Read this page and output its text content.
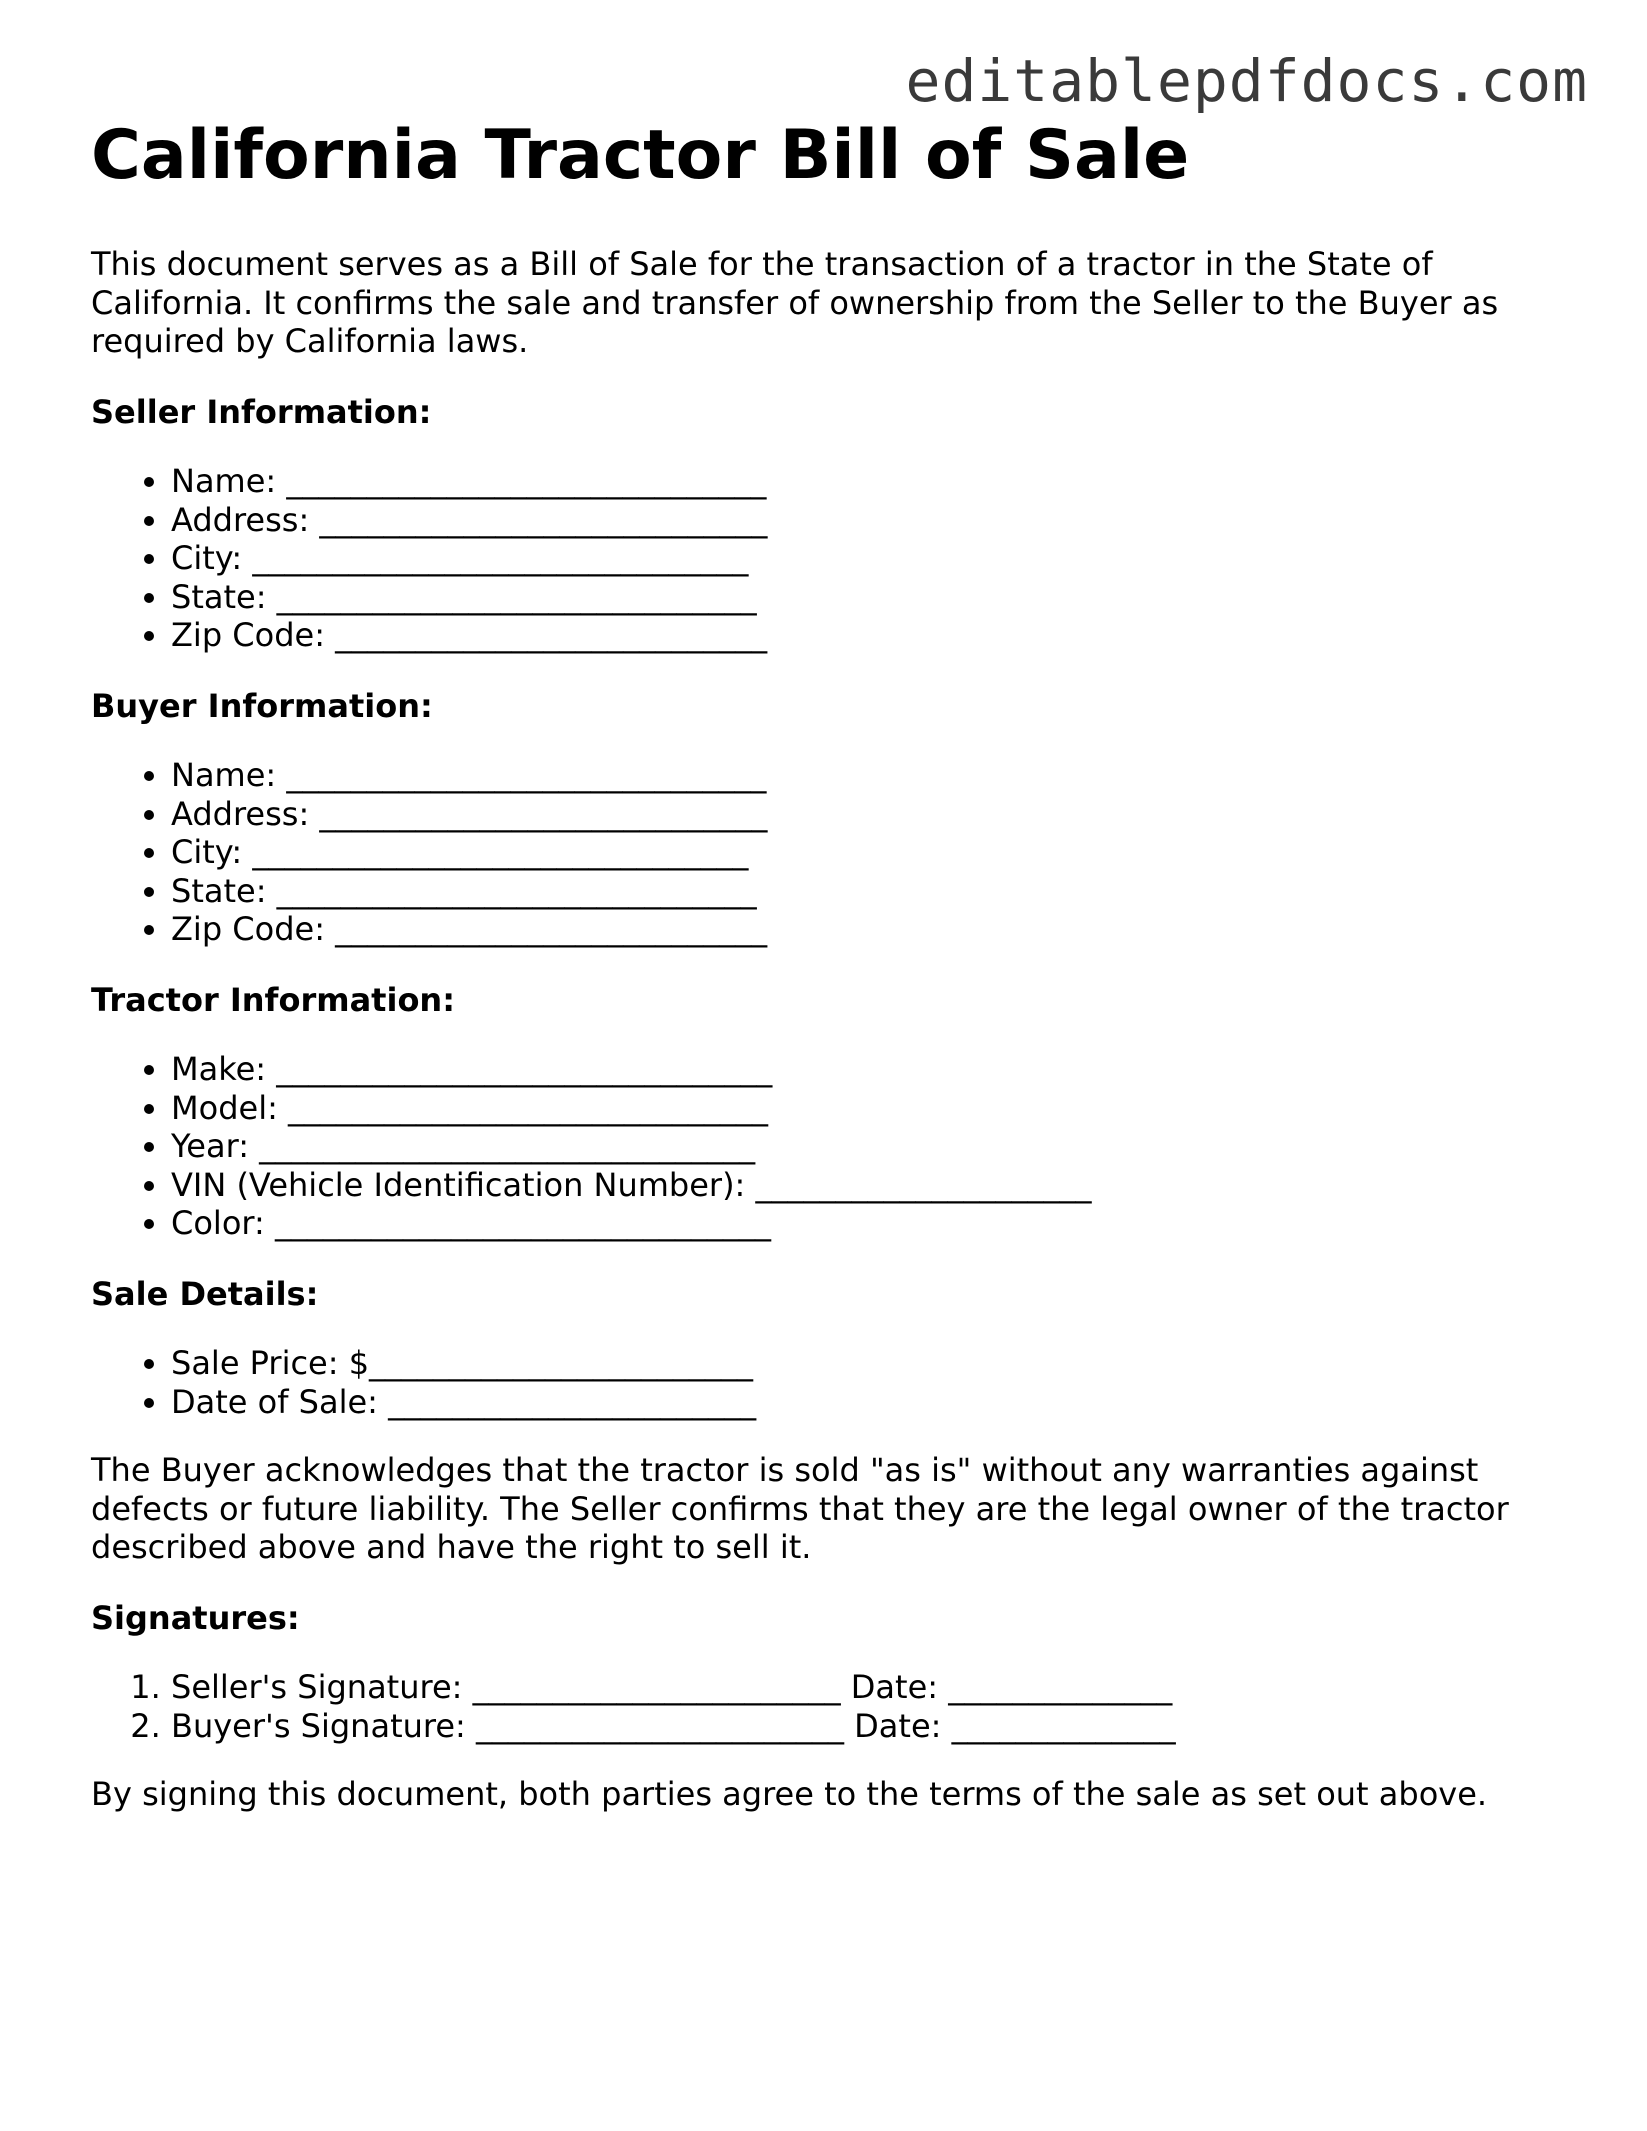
editablepdfdocs.com
California Tractor Bill of Sale

This document serves as a Bill of Sale for the transaction of a tractor in the State of California. It confirms the sale and transfer of ownership from the Seller to the Buyer as required by California laws.

Seller Information:
• Name: ______________________________
• Address: ____________________________
• City: _______________________________
• State: ______________________________
• Zip Code: ___________________________
Buyer Information:
• Name: ______________________________
• Address: ____________________________
• City: _______________________________
• State: ______________________________
• Zip Code: ___________________________
Tractor Information:
• Make: _______________________________
• Model: ______________________________
• Year: _______________________________
• VIN (Vehicle Identification Number): _____________________
• Color: _______________________________
Sale Details:
• Sale Price: $________________________
• Date of Sale: _______________________

The Buyer acknowledges that the tractor is sold "as is" without any warranties against defects or future liability. The Seller confirms that they are the legal owner of the tractor described above and have the right to sell it.

Signatures:
1. Seller's Signature: _______________________ Date: ______________
2. Buyer's Signature: _______________________ Date: ______________

By signing this document, both parties agree to the terms of the sale as set out above.
